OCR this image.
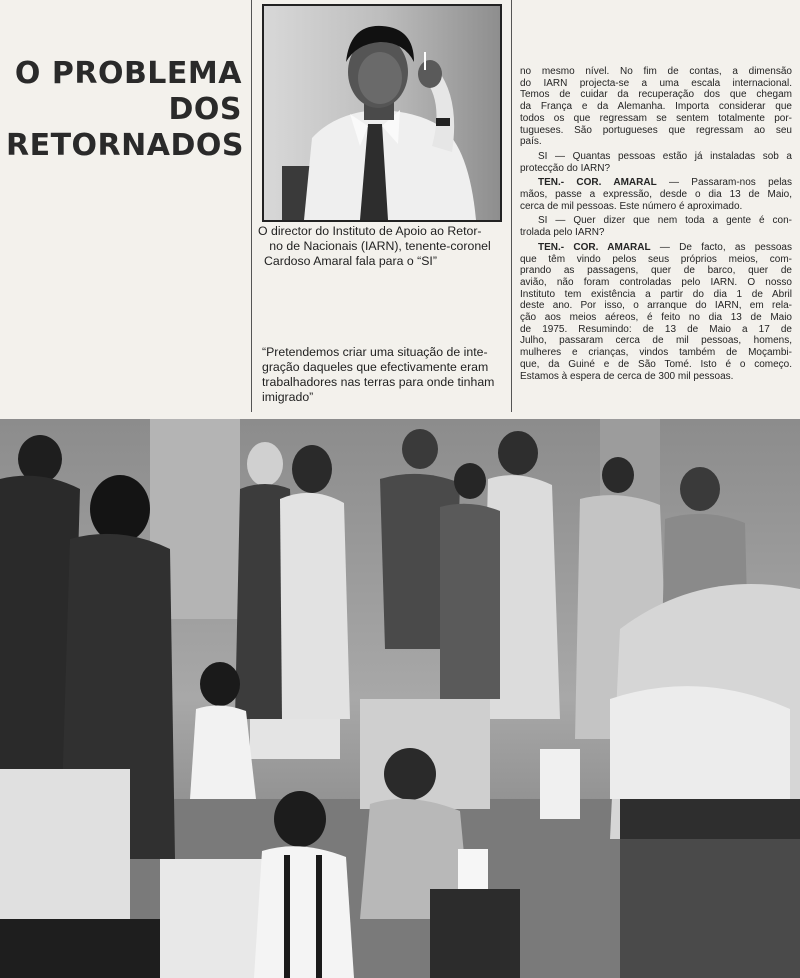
O PROBLEMA
DOS
RETORNADOS
O director do Instituto de Apoio ao Retor-
no de Nacionais (IARN), tenente-coronel
Cardoso Amaral fala para o “SI”
“Pretendemos criar uma situação de inte-
gração daqueles que efectivamente eram
trabalhadores nas terras para onde tinham
imigrado”
no mesmo nível. No fim de contas, a dimensão
do IARN projecta-se a uma escala internacional.
Temos de cuidar da recuperação dos que chegam
da França e da Alemanha. Importa considerar que
todos os que regressam se sentem totalmente por-
tugueses. São portugueses que regressam ao seu
país.
SI — Quantas pessoas estão já instaladas sob a
protecção do IARN?
TEN.- COR. AMARAL — Passaram-nos pelas
mãos, passe a expressão, desde o dia 13 de Maio,
cerca de mil pessoas. Este número é aproximado.
SI — Quer dizer que nem toda a gente é con-
trolada pelo IARN?
TEN.- COR. AMARAL — De facto, as pessoas
que têm vindo pelos seus próprios meios, com-
prando as passagens, quer de barco, quer de
avião, não foram controladas pelo IARN. O nosso
Instituto tem existência a partir do dia 1 de Abril
deste ano. Por isso, o arranque do IARN, em rela-
ção aos meios aéreos, é feito no dia 13 de Maio
de 1975. Resumindo: de 13 de Maio a 17 de
Julho, passaram cerca de mil pessoas, homens,
mulheres e crianças, vindos também de Moçambi-
que, da Guiné e de São Tomé. Isto é o começo.
Estamos à espera de cerca de 300 mil pessoas.
